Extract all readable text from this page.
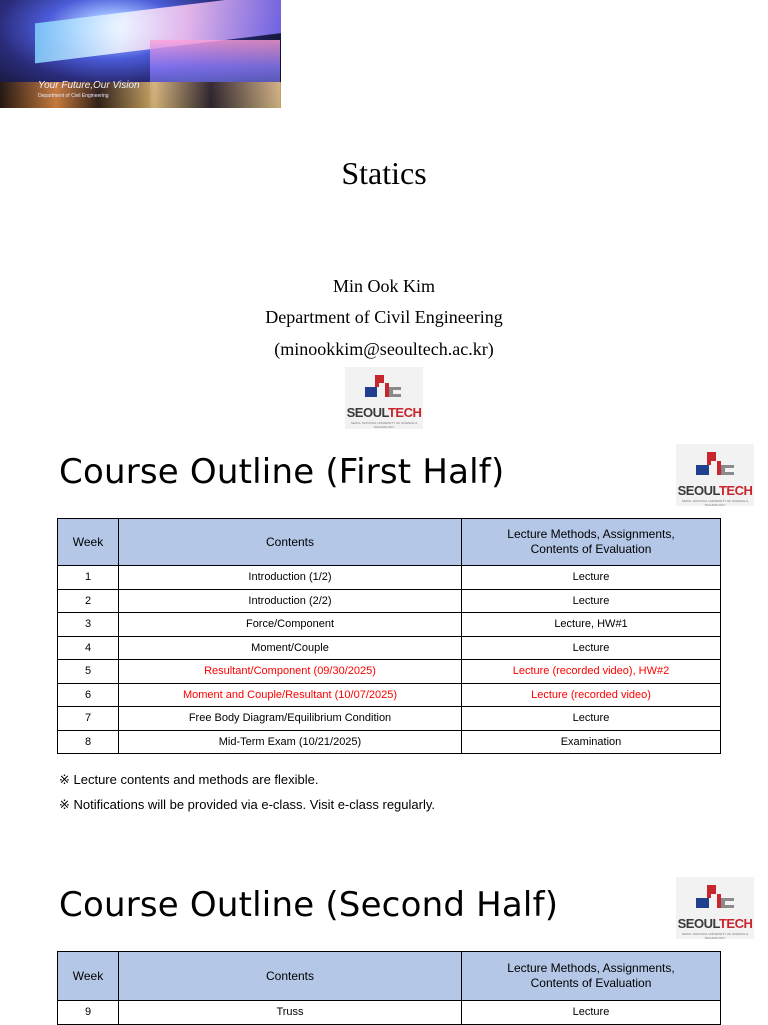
Your Future,Our Vision
Department of Civil Engineering
Statics
Min Ook Kim
Department of Civil Engineering
(minookkim@seoultech.ac.kr)
SEOULTECH
SEOUL NATIONAL UNIVERSITY OF SCIENCE & TECHNOLOGY
Course Outline (First Half)	SEOULTECH
SEOUL NATIONAL UNIVERSITY OF SCIENCE & TECHNOLOGY
Week	Contents	Lecture Methods, Assignments,
Contents of Evaluation
1	Introduction (1/2)	Lecture
2	Introduction (2/2)	Lecture
3	Force/Component	Lecture, HW#1
4	Moment/Couple	Lecture
5	Resultant/Component (09/30/2025)	Lecture (recorded video), HW#2
6	Moment and Couple/Resultant (10/07/2025)	Lecture (recorded video)
7	Free Body Diagram/Equilibrium Condition	Lecture
8	Mid-Term Exam (10/21/2025)	Examination
※ Lecture contents and methods are flexible.
※ Notifications will be provided via e-class. Visit e-class regularly.
Course Outline (Second Half)	SEOULTECH
SEOUL NATIONAL UNIVERSITY OF SCIENCE & TECHNOLOGY
Week	Contents	Lecture Methods, Assignments,
Contents of Evaluation
9	Truss	Lecture
